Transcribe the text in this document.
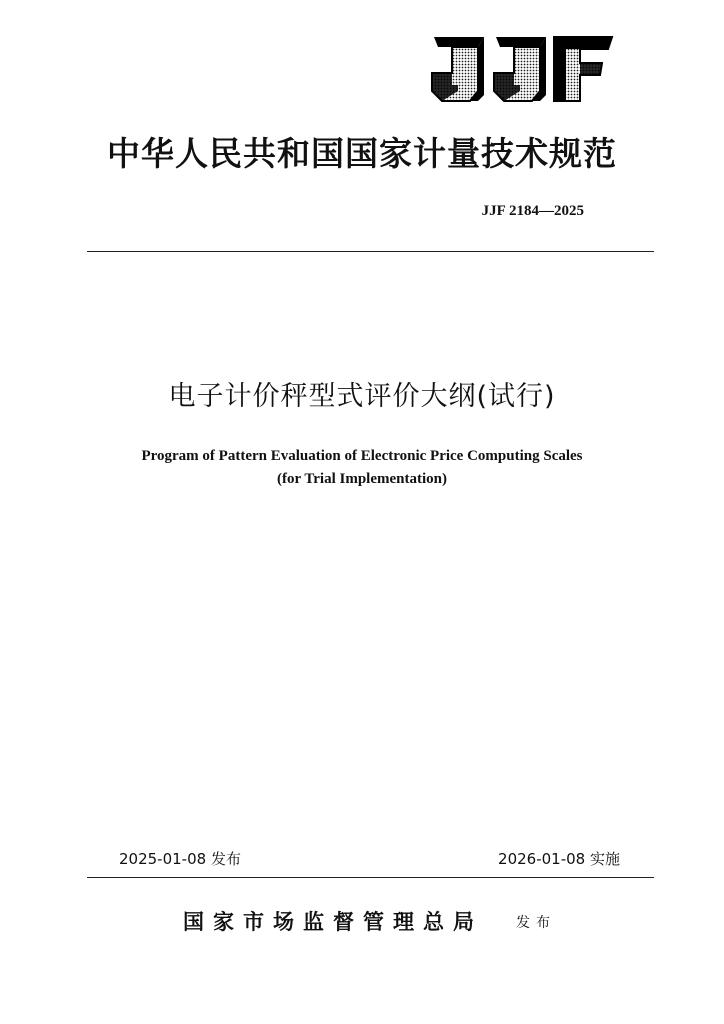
中华人民共和国国家计量技术规范
JJF 2184—2025
电子计价秤型式评价大纲(试行)
Program of Pattern Evaluation of Electronic Price Computing Scales
(for Trial Implementation)
2025-01-08 发布	2026-01-08 实施
国家市场监督管理总局 发布
